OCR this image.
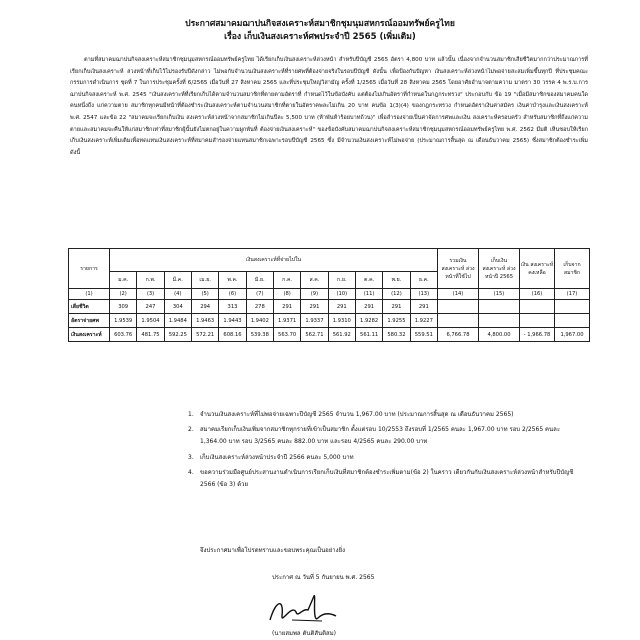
ประกาศสมาคมฌาปนกิจสงเคราะห์สมาชิกชุมนุมสหกรณ์ออมทรัพย์ครูไทย
เรื่อง เก็บเงินสงเคราะห์ศพประจำปี 2565 (เพิ่มเติม)

ตามที่สมาคมฌาปนกิจสงเคราะห์สมาชิกชุมนุมสหกรณ์ออมทรัพย์ครูไทย ได้เรียกเก็บเงินสงเคราะห์ล่วงหน้า สำหรับปีบัญชี 2565 อัตรา 4,800 บาท แล้วนั้น เนื่องจากจำนวนสมาชิกเสียชีวิตมากกว่าประมาณการที่เรียกเก็บเงินสงเคราะห์ ล่วงหน้าที่เก็บไว้ไม่รองรับปีดังกล่าว ไม่พอกับจำนวนเงินสงเคราะห์ที่รายศพที่ต้องจ่ายจริงในรอบปีบัญชี ดังนั้น เพื่อป้องกันปัญหา เงินสงเคราะห์ล่วงหน้าไม่พอจ่ายสะสมเพิ่มขึ้นทุกปี ที่ประชุมคณะกรรมการดำเนินการ ชุดที่ 7 ในการประชุมครั้งที่ 6/2565 เมื่อวันที่ 27 สิงหาคม 2565 และที่ประชุมใหญ่วิสามัญ ครั้งที่ 1/2565 เมื่อวันที่ 28 สิงหาคม 2565 โดยอาศัยอำนาจตามความ มาตรา 30 วรรค 4 พ.ร.บ.การฌาปนกิจสงเคราะห์ พ.ศ. 2545 "เงินสงเคราะห์ที่เรียกเก็บได้ตามจำนวนสมาชิกที่ตายตามอัตราที่ กำหนดไว้ในข้อบังคับ แต่ต้องไม่เกินอัตราที่กำหนดในกฎกระทรวง" ประกอบกับ ข้อ 19 "เมื่อมีสมาชิกของสมาคมคนใดคนหนึ่งถึง แก่ความตาย สมาชิกทุกคนมีหน้าที่ต้องชำระเงินสงเคราะห์ตามจำนวนสมาชิกที่ตายในอัตราคพละไม่เกิน 20 บาท คนข้อ 1(3)(4) ของกฎกระทรวง กำหนดอัตราเงินค่าสมัคร เงินค่าบำรุงและเงินสงเคราะห์ พ.ศ. 2547 และข้อ 22 "สมาคมจะเรียกเก็บเงิน สงเคราะห์ล่วงหน้าจากสมาชิกไม่เกินปีละ 5,500 บาท (ห้าพันห้าร้อยบาทถ้วน)" เพื่อสำรองจ่ายเป็นค่าจัดการศพและเงิน สงเคราะห์ครอบครัว สำหรับสมาชิกที่ถึงแก่ความตายและสมาคมจะคืนให้แก่สมาชิกเท่าที่สมาชิกผู้นั้นยังไม่ตกอยู่ในความผูกพันที่ ต้องจ่ายเงินสงเคราะห์" ของข้อบังคับสมาคมฌาปนกิจสงเคราะห์สมาชิกชุมนุมสหกรณ์ออมทรัพย์ครูไทย พ.ศ. 2562 มีมติ เห็นชอบให้เรียกเก็บเงินสงเคราะห์เพิ่มเติมเพื่อทดแทนเงินสงเคราะห์ที่สมาคมสำรองจ่ายแทนสมาชิกเฉพาะรอบปีบัญชี 2565 ซึ่ง มีจำนวนเงินสงเคราะห์ไม่พอจ่าย (ประมาณการสิ้นสุด ณ เดือนธันวาคม 2565) ซึ่งสมาชิกต้องชำระเพิ่ม ดังนี้

รายการ	เงินสงเคราะห์ที่จ่ายไปใน												รวมเงิน สงเคราะห์ ล่วงหน้าที่ใช้ไป	เก็บเงิน สงเคราะห์ ล่วงหน้าปี 2565	เงิน สงเคราะห์ คงเหลือ	เก็บจาก สมาชิก
	ม.ค.	ก.พ.	มี.ค.	เม.ย.	พ.ค.	มิ.ย.	ก.ค.	ส.ค.	ก.ย.	ต.ค.	พ.ย.	ธ.ค.				
(1)	(2)	(3)	(4)	(5)	(6)	(7)	(8)	(9)	(10)	(11)	(12)	(13)	(14)	(15)	(16)	(17)
เสียชีวิต	309	247	304	294	313	278	291	291	291	291	291	291				
อัตราจ่ายศพ	1.9539	1.9504	1.9484	1.9463	1.9443	1.9402	1.9371	1.9337	1.9310	1.9282	1.9255	1.9227				
เงินสงเคราะห์	603.76	481.75	592.25	572.21	608.16	539.38	563.70	562.71	561.92	561.11	580.32	559.51	6,766.78	4,800.00	- 1,966.78	1,967.00
1. จำนวนเงินสงเคราะห์ที่ไม่พอจ่ายเฉพาะปีบัญชี 2565 จำนวน 1,967.00 บาท (ประมาณการสิ้นสุด ณ เดือนธันวาคม 2565)
2. สมาคมเรียกเก็บเงินเพิ่มจากสมาชิกทุกรายที่เข้าเป็นสมาชิก ตั้งแต่รอบ 10/2553 ถึงรอบที่ 1/2565 คนละ 1,967.00 บาท รอบ 2/2565 คนละ 1,364.00 บาท รอบ 3/2565 คนละ 882.00 บาท และรอบ 4/2565 คนละ 290.00 บาท
3. เก็บเงินสงเคราะห์ล่วงหน้าประจำปี 2566 คนละ 5,000 บาท
4. ขอความร่วมมือศูนย์ประสานงานดำเนินการเรียกเก็บเงินที่สมาชิกต้องชำระเพิ่มตาม(ข้อ 2) ในคราว เดียวกันกับเงินสงเคราะห์ล่วงหน้าสำหรับปีบัญชี 2566 (ข้อ 3) ด้วย
จึงประกาศมาเพื่อโปรดทราบและขอบพระคุณเป็นอย่างยิ่ง
ประกาศ ณ วันที่ 5 กันยายน พ.ศ. 2565
(นายสมพล ตันติสันติสม)
